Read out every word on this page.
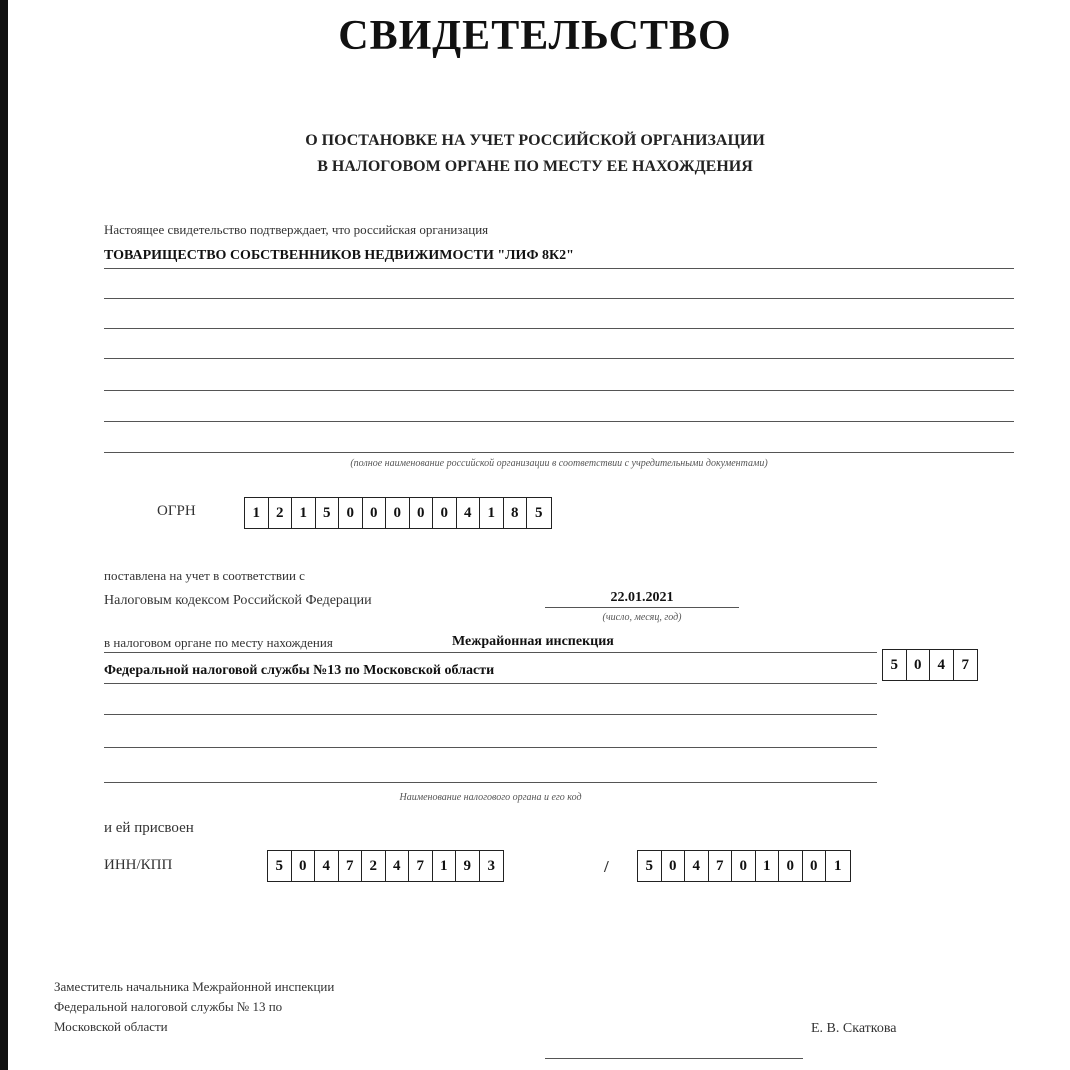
СВИДЕТЕЛЬСТВО
О ПОСТАНОВКЕ НА УЧЕТ РОССИЙСКОЙ ОРГАНИЗАЦИИ
В НАЛОГОВОМ ОРГАНЕ ПО МЕСТУ ЕЕ НАХОЖДЕНИЯ
Настоящее свидетельство подтверждает, что российская организация
ТОВАРИЩЕСТВО СОБСТВЕННИКОВ НЕДВИЖИМОСТИ "ЛИФ 8К2"
(полное наименование российской организации в соответствии с учредительными документами)
ОГРН	1	2	1	5	0	0	0	0	0	4	1	8	5
поставлена на учет в соответствии с
Налоговым кодексом Российской Федерации	22.01.2021
(число, месяц, год)
в налоговом органе по месту нахождения	Межрайонная инспекция
Федеральной налоговой службы №13 по Московской области	5	0	4	7
Наименование налогового органа и его код
и ей присвоен
ИНН/КПП	5	0	4	7	2	4	7	1	9	3	/	5	0	4	7	0	1	0	0	1
Заместитель начальника Межрайонной инспекции
Федеральной налоговой службы № 13 по
Московской области	Е. В. Скаткова
